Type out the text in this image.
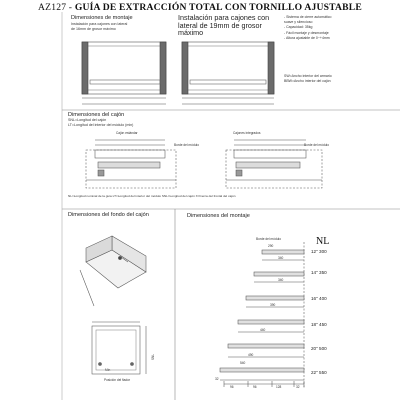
AZ127 - GUÍA DE EXTRACCIÓN TOTAL CON TORNILLO AJUSTABLE
Dimensiones de montaje
Instalación para cajones con lateral
de 16mm de grosor máximo
Instalación para cajones con
lateral de 19mm de grosor
máximo
- Sistema de cierre automático
suave y silencioso
- Capacidad: 35kg
- Fácil montaje y desmontaje
- Altura ajustable de 0~+4mm
SW=Ancho interior del armario
BBW=Ancho interior del cajón
Dimensiones del cajón
SNL=Longitud del cajón
LT=Longitud del interior del módulo (min)
Cajón estándar	Cajones integrados
Borde del módulo	Borde del módulo
NL=Longitud nominal de la guía LT=Longitud del interior del módulo SNL=Longitud del cajón X=Cerca del frontal del cajón
Dimensiones del fondo del cajón
Mín
Posición del fiador
SNL
Dimensiones del montaje
Borde del módulo
290	NL
12" 300
14" 350
16" 400
18" 450
20" 500
22" 550
340
340
390
440
490
540
96	96	128	32
32
